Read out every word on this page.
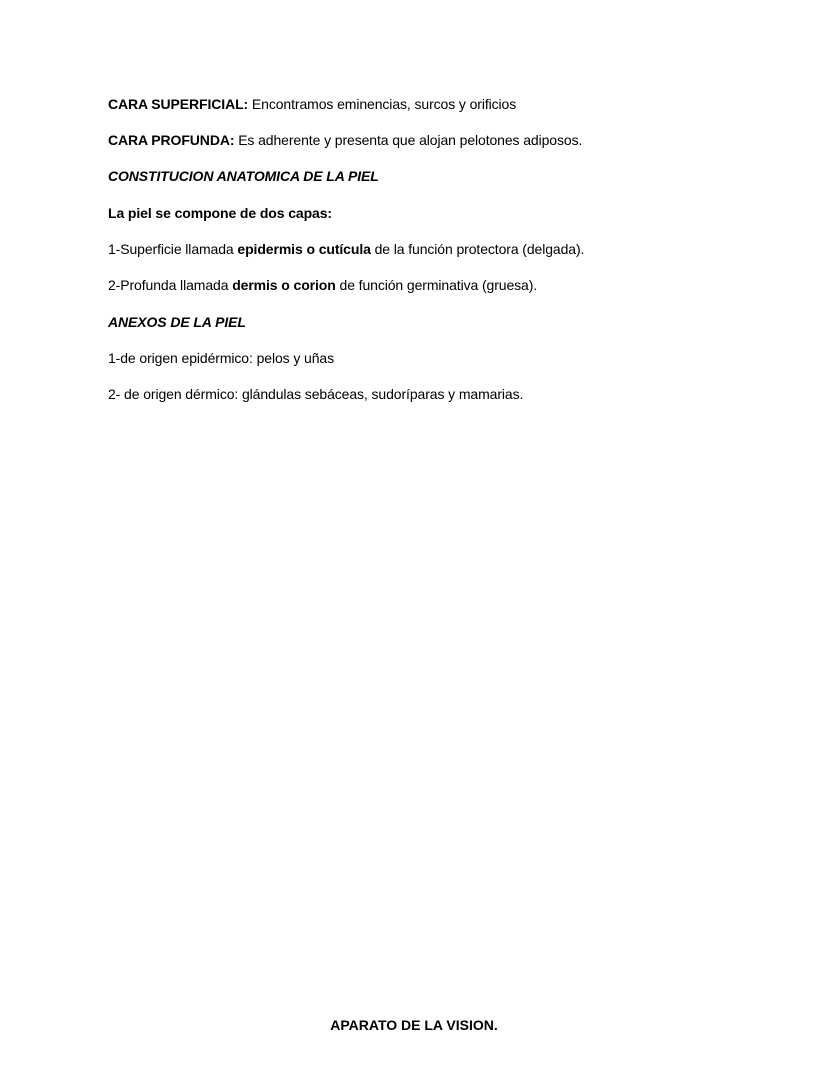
CARA SUPERFICIAL: Encontramos eminencias, surcos y orificios
CARA PROFUNDA: Es adherente y presenta que alojan pelotones adiposos.
CONSTITUCION ANATOMICA DE LA PIEL
La piel se compone de dos capas:
1-Superficie llamada epidermis o cutícula de la función protectora (delgada).
2-Profunda llamada dermis o corion de función germinativa (gruesa).
ANEXOS DE LA PIEL
1-de origen epidérmico: pelos y uñas
2- de origen dérmico: glándulas sebáceas, sudoríparas y mamarias.
APARATO DE LA VISION.
